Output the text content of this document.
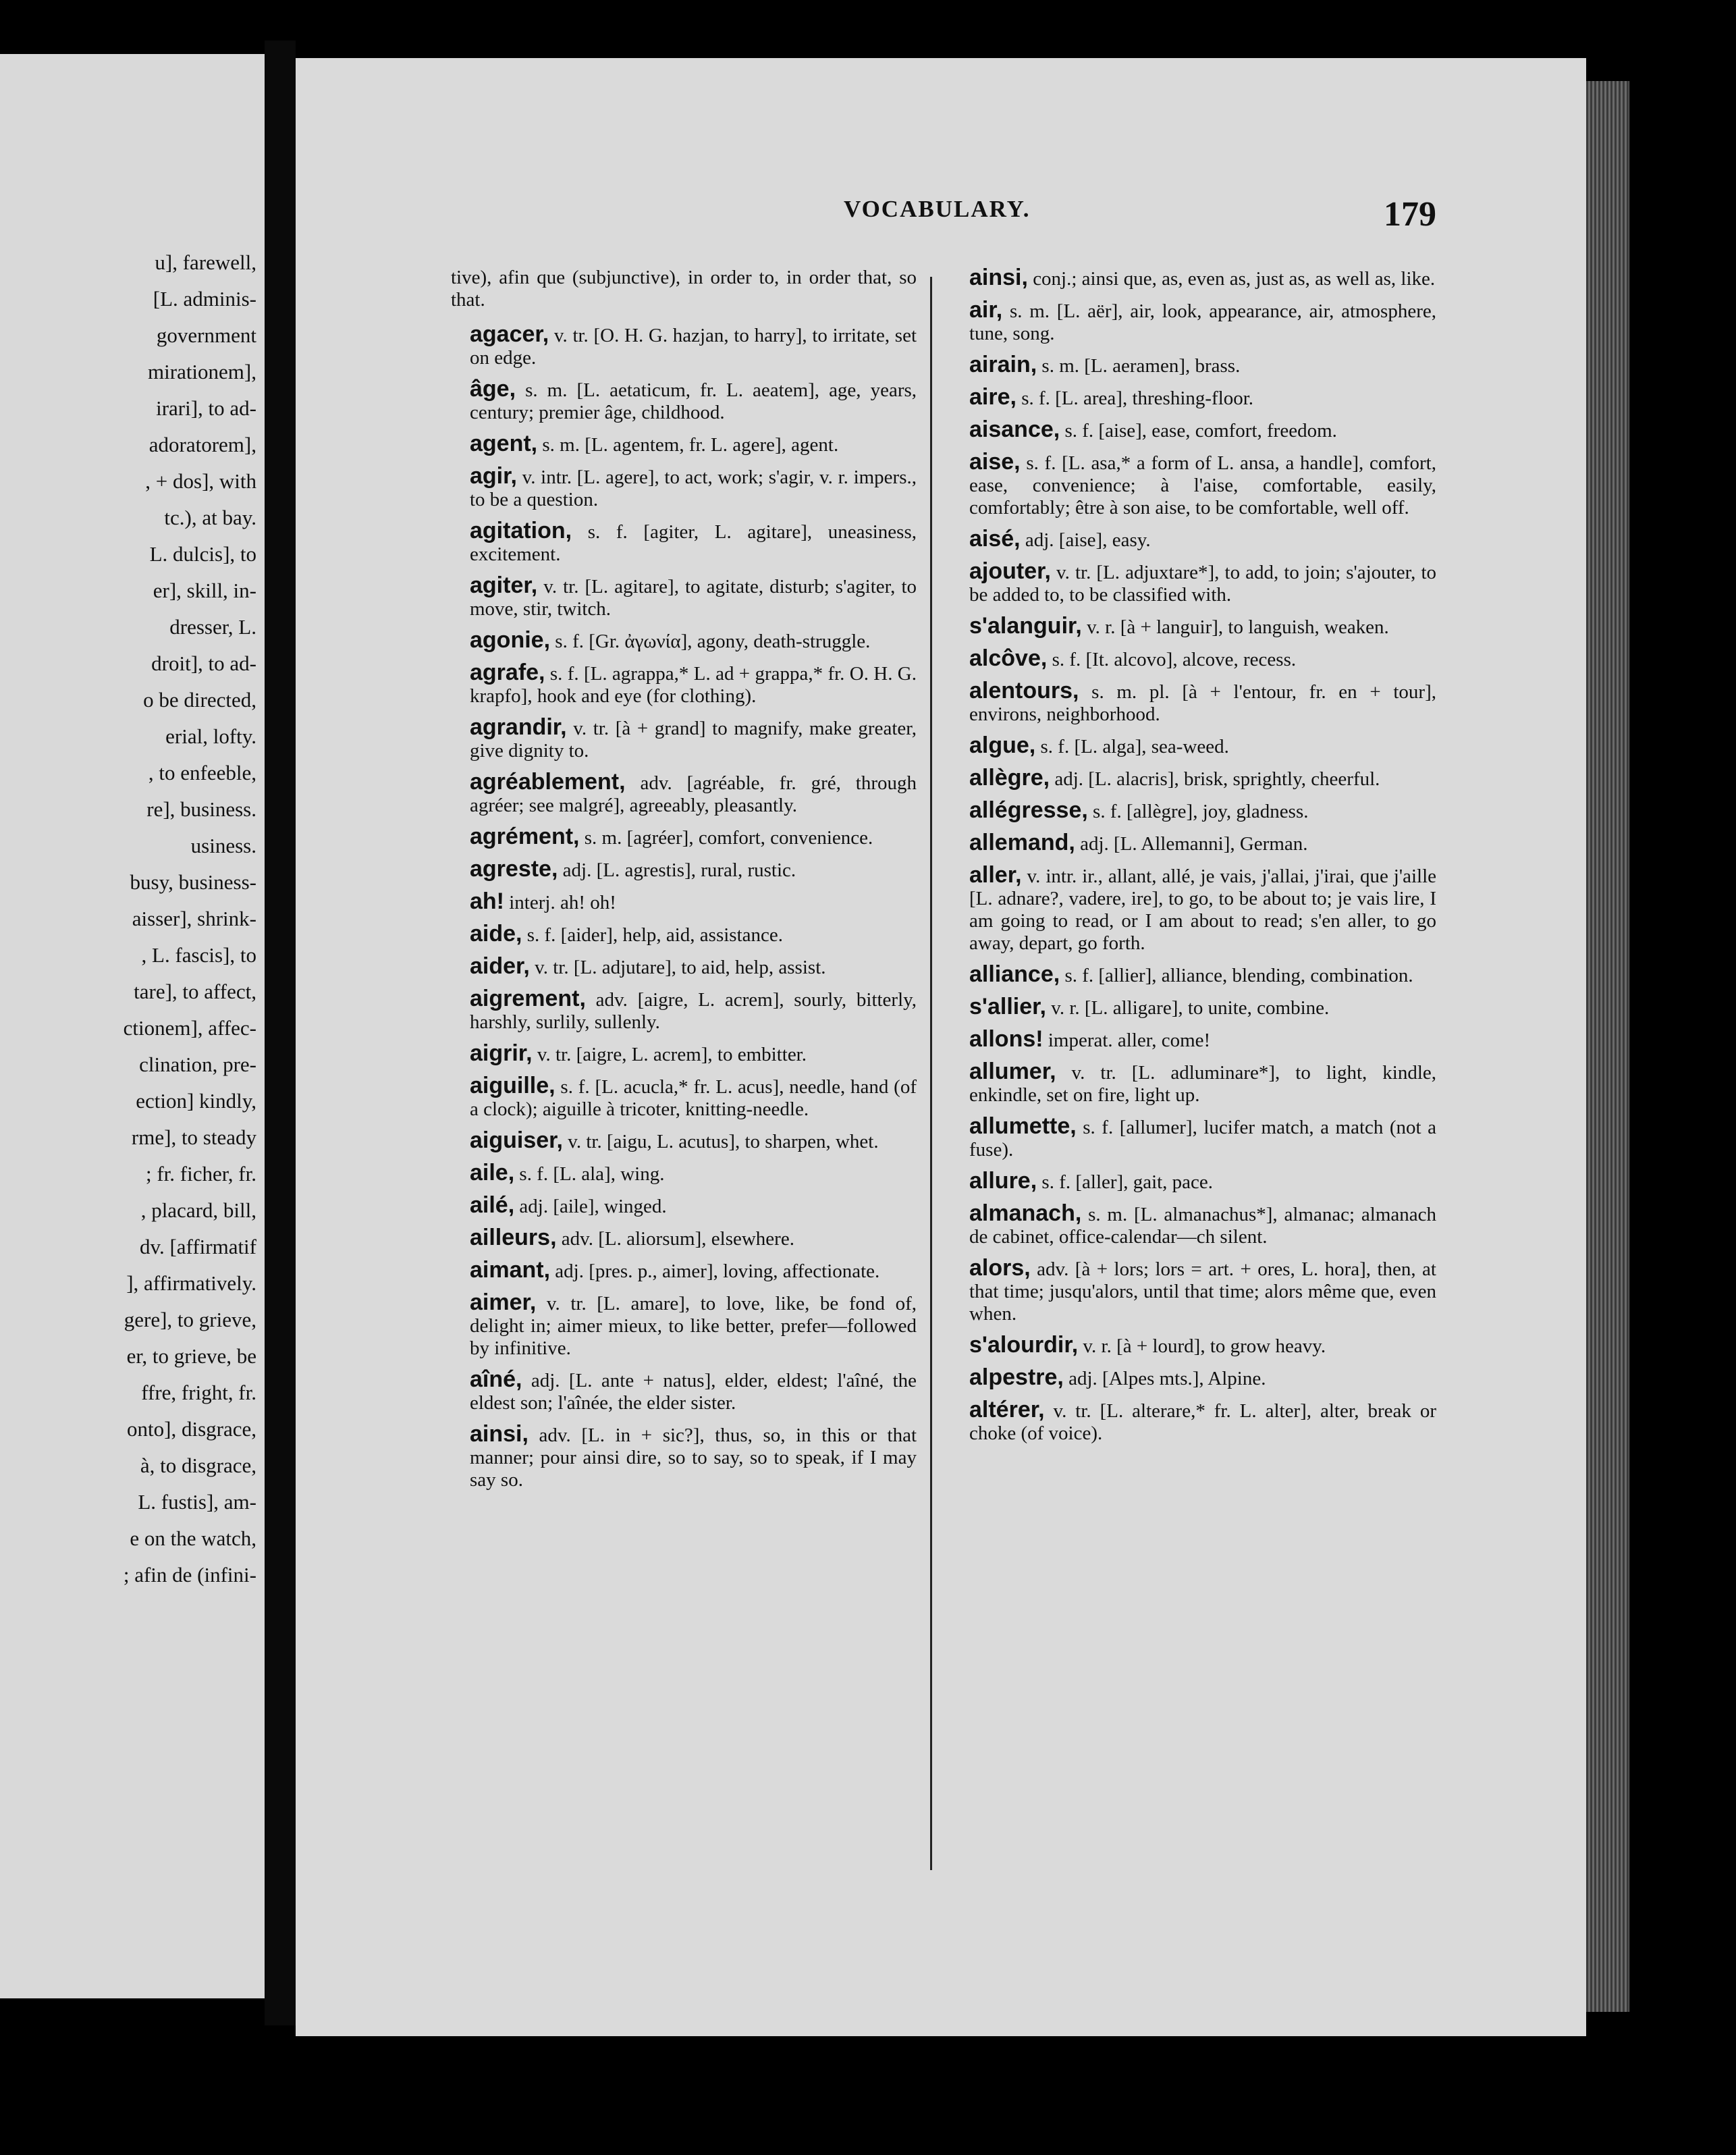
u], farewell,
[L. adminis-
government
mirationem],
irari], to ad-
adoratorem],
, + dos], with
tc.), at bay.
L. dulcis], to
er], skill, in-
dresser, L.
droit], to ad-
o be directed,
erial, lofty.
, to enfeeble,
re], business.
usiness.
busy, business-
aisser], shrink-
, L. fascis], to
tare], to affect,
ctionem], affec-
clination, pre-
ection] kindly,
rme], to steady
; fr. ficher, fr.
, placard, bill,
dv. [affirmatif
], affirmatively.
gere], to grieve,
er, to grieve, be
ffre, fright, fr.
onto], disgrace,
à, to disgrace,
L. fustis], am-
e on the watch,
; afin de (infini-
VOCABULARY.	179
tive), afin que (subjunctive), in order to, in order that, so that.
agacer, v. tr. [O. H. G. hazjan, to harry], to irritate, set on edge.
âge, s. m. [L. aetaticum, fr. L. aeatem], age, years, century; premier âge, childhood.
agent, s. m. [L. agentem, fr. L. agere], agent.
agir, v. intr. [L. agere], to act, work; s'agir, v. r. impers., to be a question.
agitation, s. f. [agiter, L. agitare], uneasiness, excitement.
agiter, v. tr. [L. agitare], to agitate, disturb; s'agiter, to move, stir, twitch.
agonie, s. f. [Gr. ἀγωνία], agony, death-struggle.
agrafe, s. f. [L. agrappa,* L. ad + grappa,* fr. O. H. G. krapfo], hook and eye (for clothing).
agrandir, v. tr. [à + grand] to magnify, make greater, give dignity to.
agréablement, adv. [agréable, fr. gré, through agréer; see malgré], agreeably, pleasantly.
agrément, s. m. [agréer], comfort, convenience.
agreste, adj. [L. agrestis], rural, rustic.
ah! interj. ah! oh!
aide, s. f. [aider], help, aid, assistance.
aider, v. tr. [L. adjutare], to aid, help, assist.
aigrement, adv. [aigre, L. acrem], sourly, bitterly, harshly, surlily, sullenly.
aigrir, v. tr. [aigre, L. acrem], to embitter.
aiguille, s. f. [L. acucla,* fr. L. acus], needle, hand (of a clock); aiguille à tricoter, knitting-needle.
aiguiser, v. tr. [aigu, L. acutus], to sharpen, whet.
aile, s. f. [L. ala], wing.
ailé, adj. [aile], winged.
ailleurs, adv. [L. aliorsum], elsewhere.
aimant, adj. [pres. p., aimer], loving, affectionate.
aimer, v. tr. [L. amare], to love, like, be fond of, delight in; aimer mieux, to like better, prefer—followed by infinitive.
aîné, adj. [L. ante + natus], elder, eldest; l'aîné, the eldest son; l'aînée, the elder sister.
ainsi, adv. [L. in + sic?], thus, so, in this or that manner; pour ainsi dire, so to say, so to speak, if I may say so.
ainsi, conj.; ainsi que, as, even as, just as, as well as, like.
air, s. m. [L. aër], air, look, appearance, air, atmosphere, tune, song.
airain, s. m. [L. aeramen], brass.
aire, s. f. [L. area], threshing-floor.
aisance, s. f. [aise], ease, comfort, freedom.
aise, s. f. [L. asa,* a form of L. ansa, a handle], comfort, ease, convenience; à l'aise, comfortable, easily, comfortably; être à son aise, to be comfortable, well off.
aisé, adj. [aise], easy.
ajouter, v. tr. [L. adjuxtare*], to add, to join; s'ajouter, to be added to, to be classified with.
s'alanguir, v. r. [à + languir], to languish, weaken.
alcôve, s. f. [It. alcovo], alcove, recess.
alentours, s. m. pl. [à + l'entour, fr. en + tour], environs, neighborhood.
algue, s. f. [L. alga], sea-weed.
allègre, adj. [L. alacris], brisk, sprightly, cheerful.
allégresse, s. f. [allègre], joy, gladness.
allemand, adj. [L. Allemanni], German.
aller, v. intr. ir., allant, allé, je vais, j'allai, j'irai, que j'aille [L. adnare?, vadere, ire], to go, to be about to; je vais lire, I am going to read, or I am about to read; s'en aller, to go away, depart, go forth.
alliance, s. f. [allier], alliance, blending, combination.
s'allier, v. r. [L. alligare], to unite, combine.
allons! imperat. aller, come!
allumer, v. tr. [L. adluminare*], to light, kindle, enkindle, set on fire, light up.
allumette, s. f. [allumer], lucifer match, a match (not a fuse).
allure, s. f. [aller], gait, pace.
almanach, s. m. [L. almanachus*], almanac; almanach de cabinet, office-calendar—ch silent.
alors, adv. [à + lors; lors = art. + ores, L. hora], then, at that time; jusqu'alors, until that time; alors même que, even when.
s'alourdir, v. r. [à + lourd], to grow heavy.
alpestre, adj. [Alpes mts.], Alpine.
altérer, v. tr. [L. alterare,* fr. L. alter], alter, break or choke (of voice).
